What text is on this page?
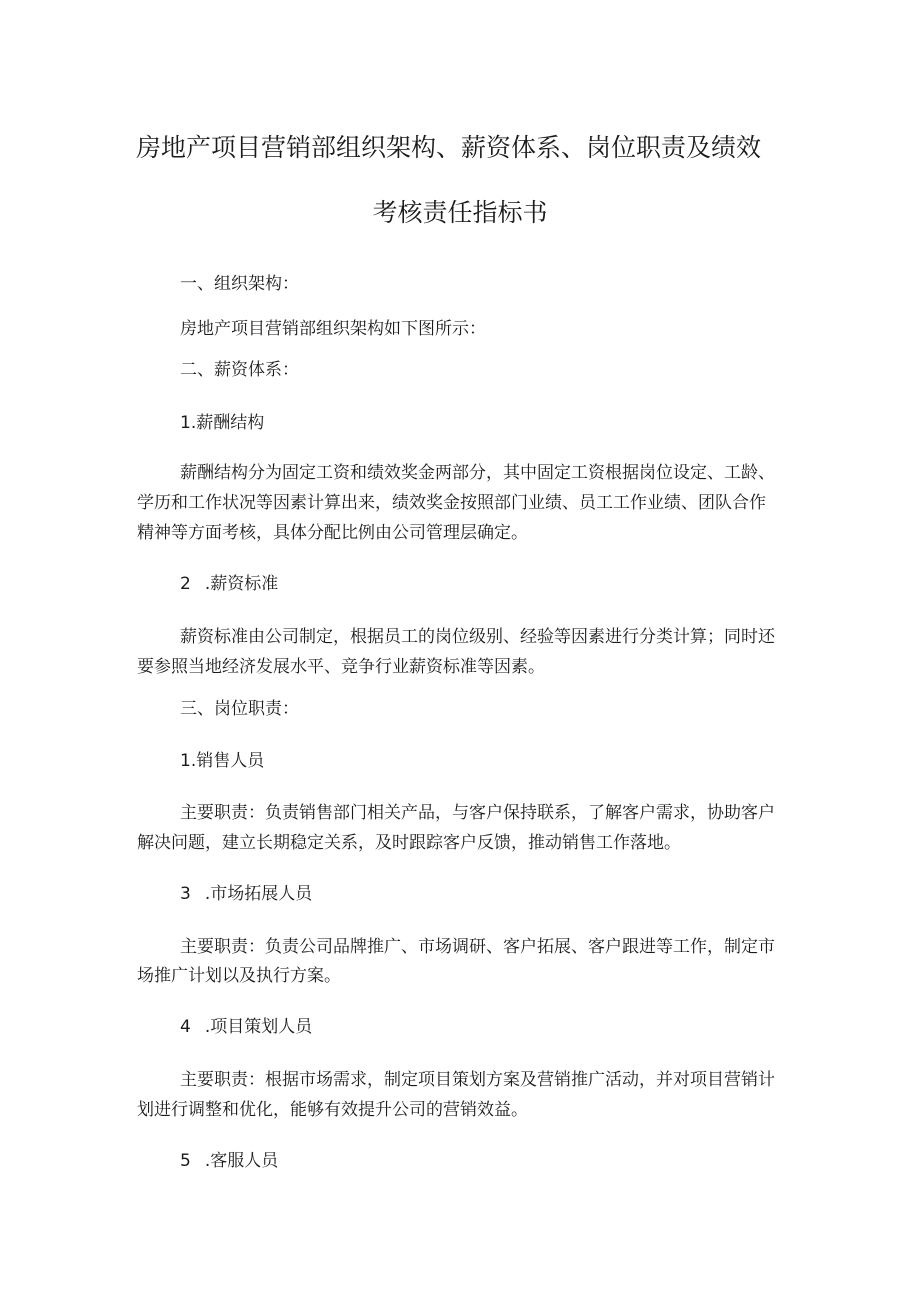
房地产项目营销部组织架构、薪资体系、岗位职责及绩效
考核责任指标书
一、组织架构：
房地产项目营销部组织架构如下图所示：
二、薪资体系：
1.薪酬结构
薪酬结构分为固定工资和绩效奖金两部分，其中固定工资根据岗位设定、工龄、
学历和工作状况等因素计算出来，绩效奖金按照部门业绩、员工工作业绩、团队合作
精神等方面考核，具体分配比例由公司管理层确定。
2 .薪资标准
薪资标准由公司制定，根据员工的岗位级别、经验等因素进行分类计算；同时还
要参照当地经济发展水平、竞争行业薪资标准等因素。
三、岗位职责：
1.销售人员
主要职责：负责销售部门相关产品，与客户保持联系，了解客户需求，协助客户
解决问题，建立长期稳定关系，及时跟踪客户反馈，推动销售工作落地。
3 .市场拓展人员
主要职责：负责公司品牌推广、市场调研、客户拓展、客户跟进等工作，制定市
场推广计划以及执行方案。
4 .项目策划人员
主要职责：根据市场需求，制定项目策划方案及营销推广活动，并对项目营销计
划进行调整和优化，能够有效提升公司的营销效益。
5 .客服人员
